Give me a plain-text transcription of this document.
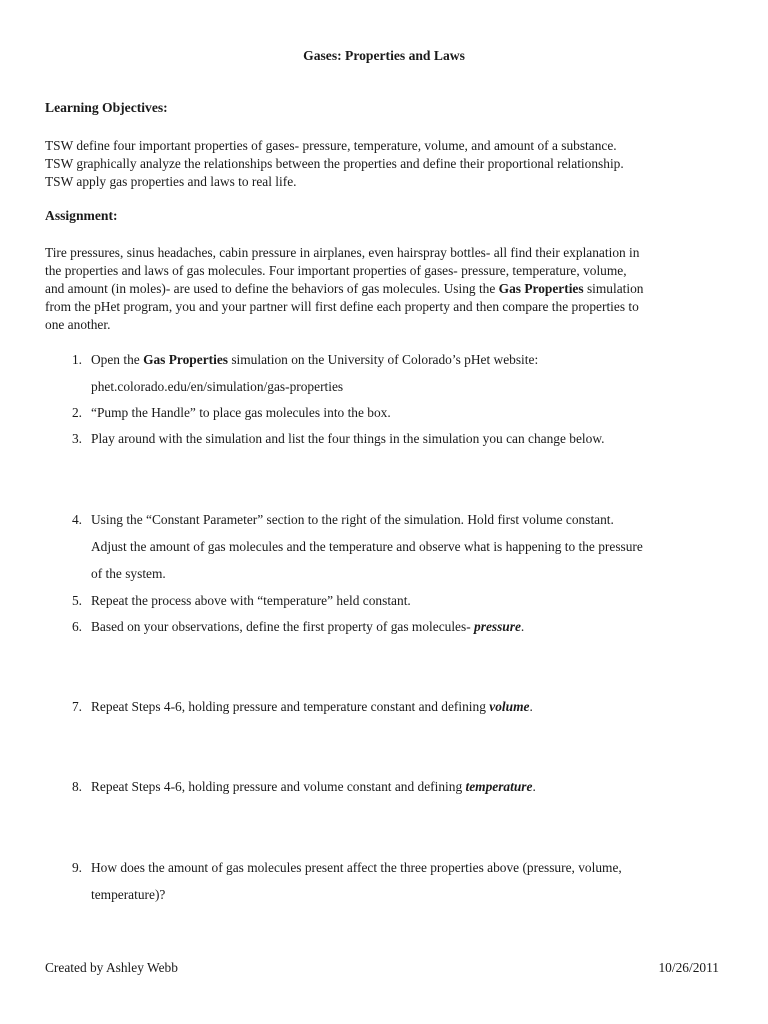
Gases: Properties and Laws
Learning Objectives:
TSW define four important properties of gases- pressure, temperature, volume, and amount of a substance.
TSW graphically analyze the relationships between the properties and define their proportional relationship.
TSW apply gas properties and laws to real life.
Assignment:
Tire pressures, sinus headaches, cabin pressure in airplanes, even hairspray bottles- all find their explanation in
the properties and laws of gas molecules. Four important properties of gases- pressure, temperature, volume,
and amount (in moles)- are used to define the behaviors of gas molecules. Using the Gas Properties simulation
from the pHet program, you and your partner will first define each property and then compare the properties to
one another.
1. Open the Gas Properties simulation on the University of Colorado’s pHet website:
phet.colorado.edu/en/simulation/gas-properties
2. “Pump the Handle” to place gas molecules into the box.
3. Play around with the simulation and list the four things in the simulation you can change below.
4. Using the “Constant Parameter” section to the right of the simulation. Hold first volume constant.
Adjust the amount of gas molecules and the temperature and observe what is happening to the pressure
of the system.
5. Repeat the process above with “temperature” held constant.
6. Based on your observations, define the first property of gas molecules- pressure.
7. Repeat Steps 4-6, holding pressure and temperature constant and defining volume.
8. Repeat Steps 4-6, holding pressure and volume constant and defining temperature.
9. How does the amount of gas molecules present affect the three properties above (pressure, volume,
temperature)?
Created by Ashley Webb	10/26/2011
